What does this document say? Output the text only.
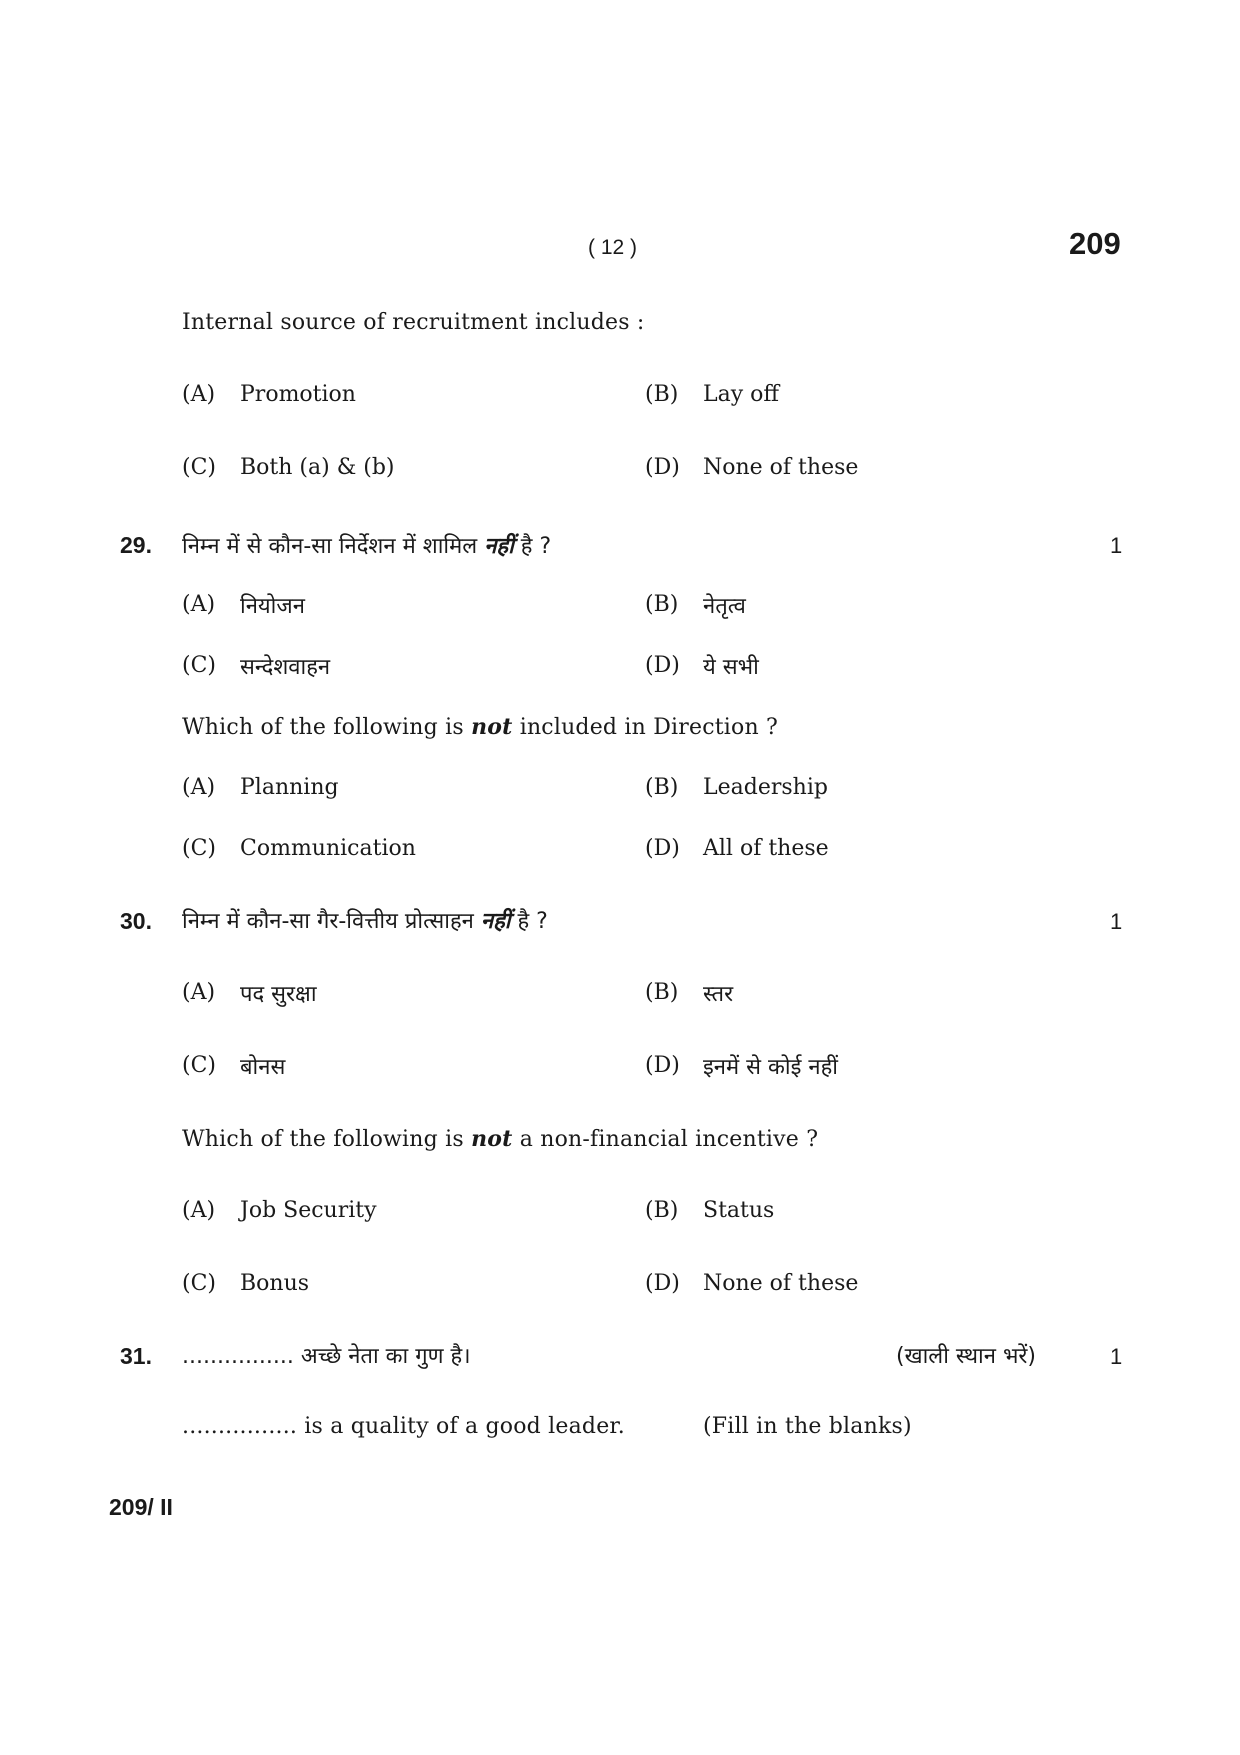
( 12 )	209
Internal source of recruitment includes :
(A) Promotion	(B) Lay off
(C) Both (a) & (b)	(D) None of these
29. निम्न में से कौन-सा निर्देशन में शामिल नहीं है ?	1
(A) नियोजन	(B) नेतृत्व
(C) सन्देशवाहन	(D) ये सभी
Which of the following is not included in Direction ?
(A) Planning	(B) Leadership
(C) Communication	(D) All of these
30. निम्न में कौन-सा गैर-वित्तीय प्रोत्साहन नहीं है ?	1
(A) पद सुरक्षा	(B) स्तर
(C) बोनस	(D) इनमें से कोई नहीं
Which of the following is not a non-financial incentive ?
(A) Job Security	(B) Status
(C) Bonus	(D) None of these
31. ................ अच्छे नेता का गुण है।	(खाली स्थान भरें)	1
................ is a quality of a good leader.	(Fill in the blanks)
209/ II
